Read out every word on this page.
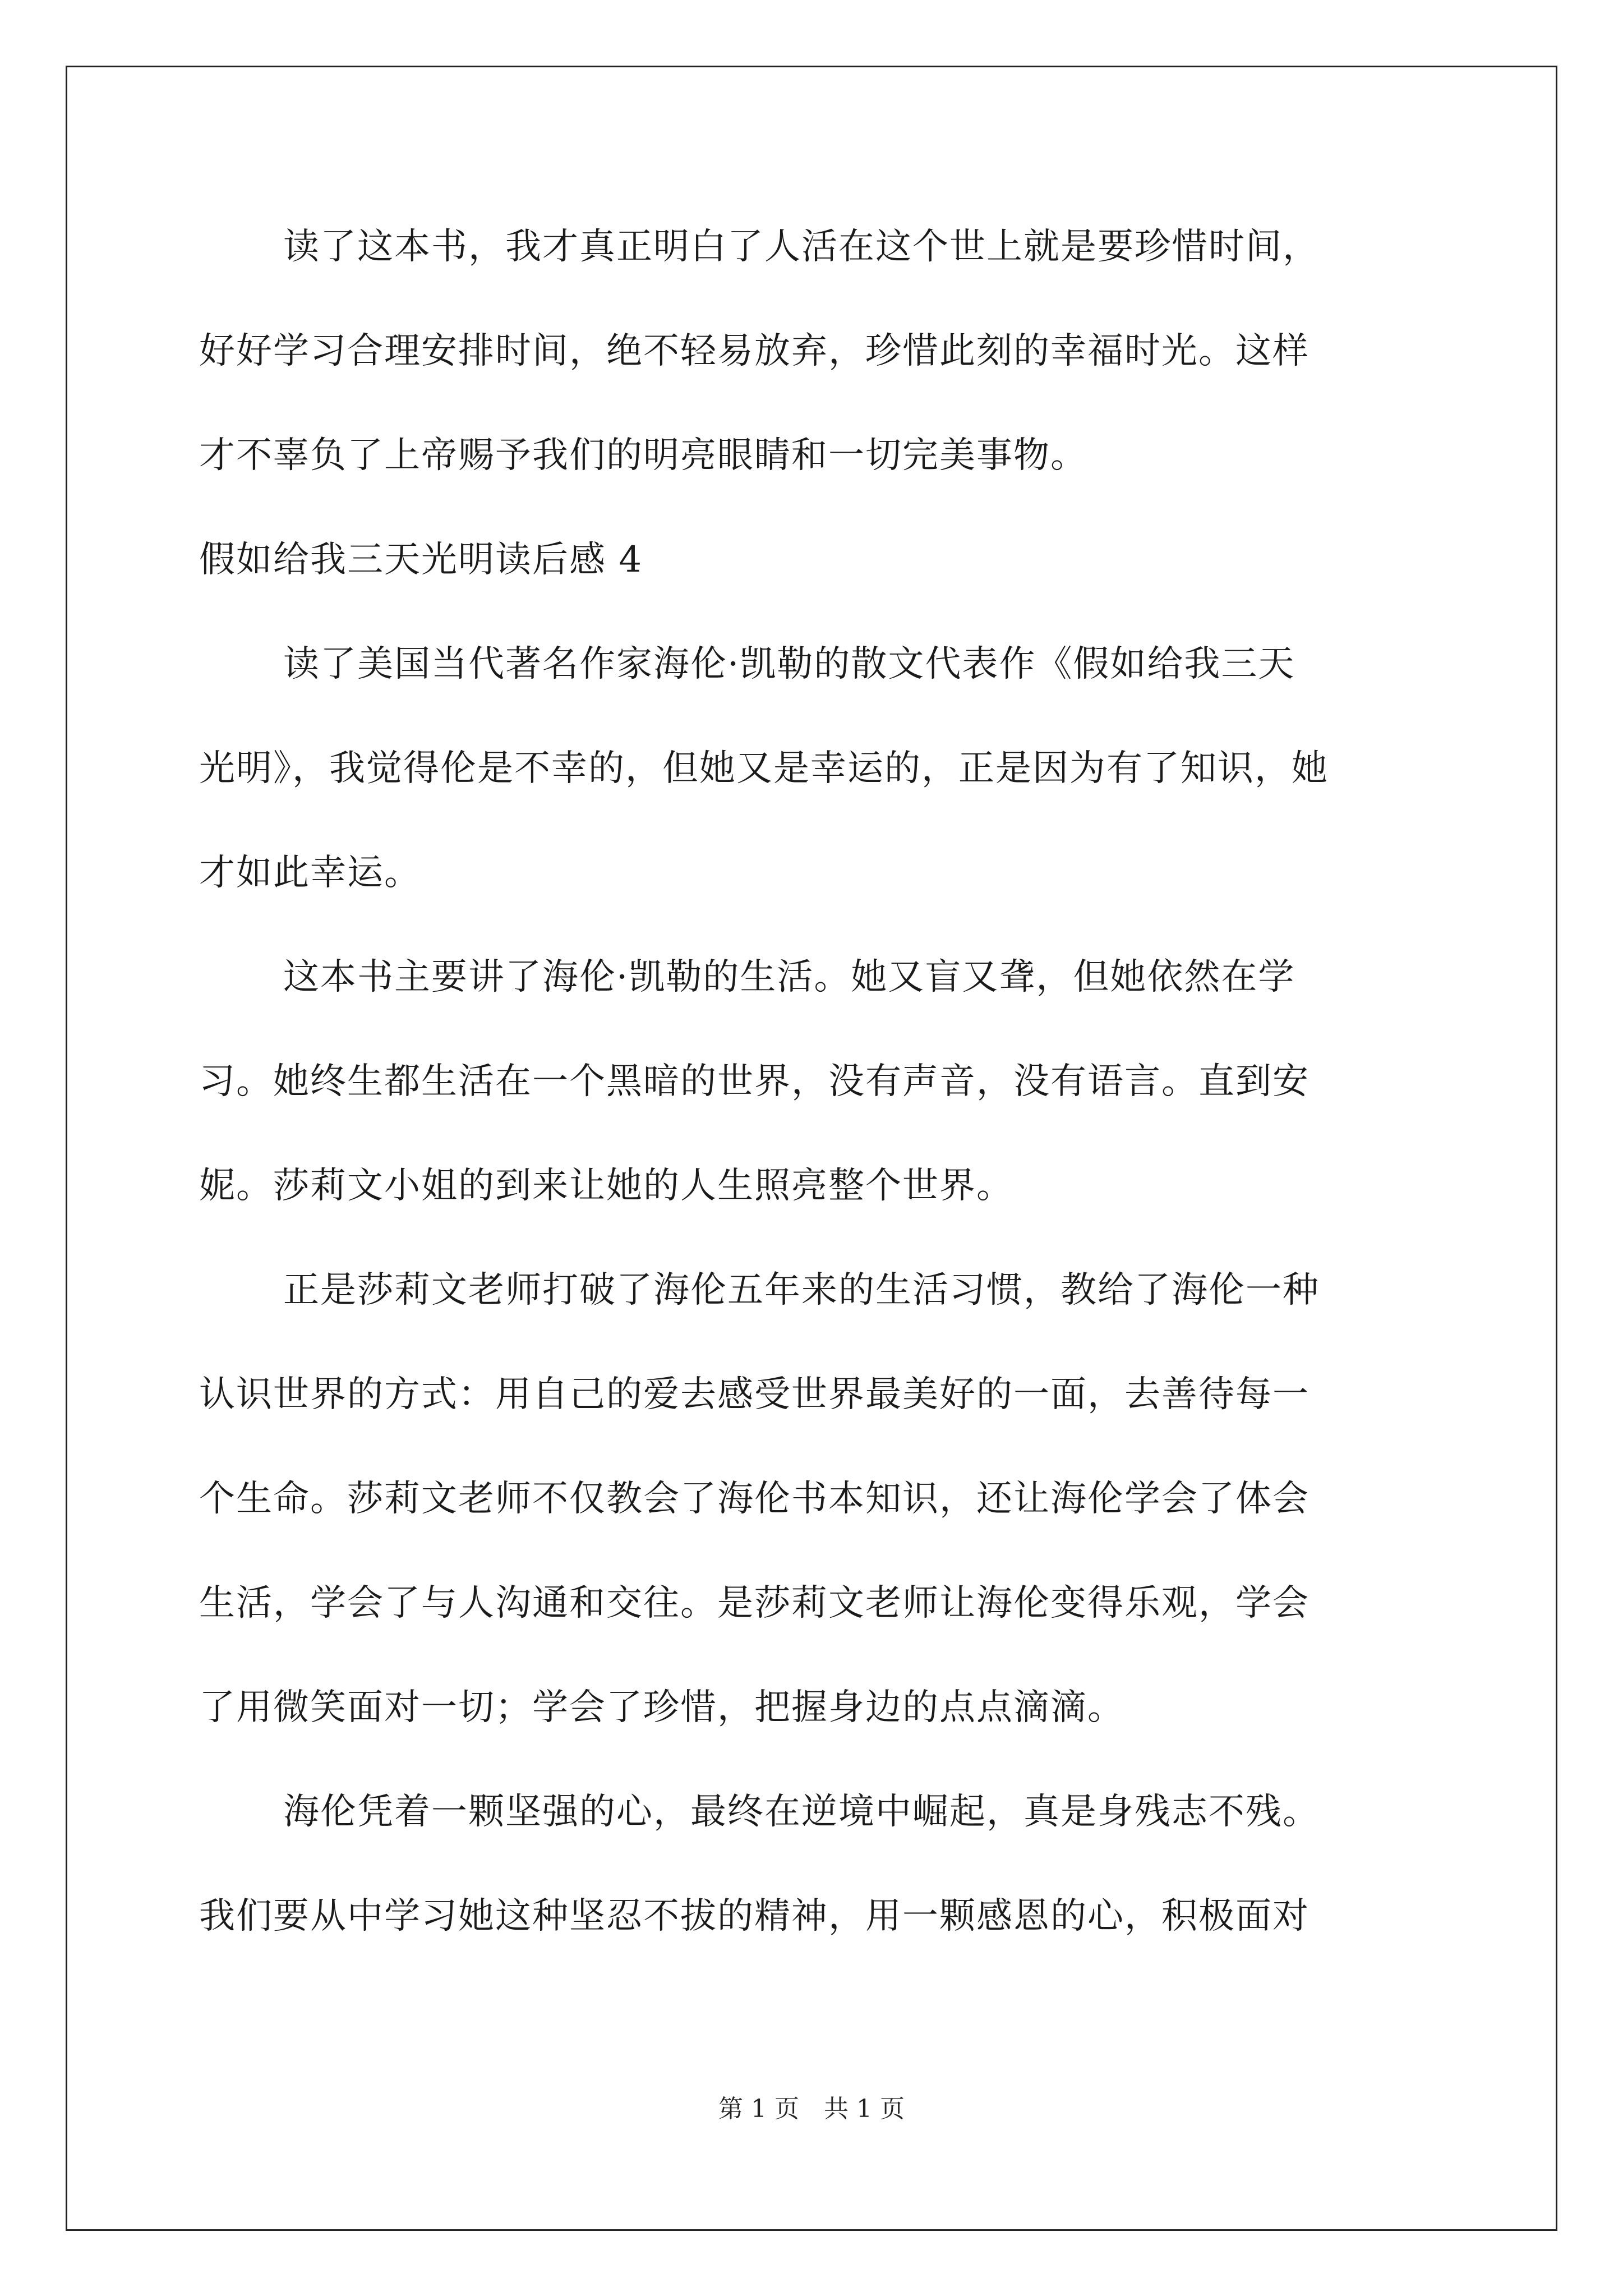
读了这本书，我才真正明白了人活在这个世上就是要珍惜时间，
好好学习合理安排时间，绝不轻易放弃，珍惜此刻的幸福时光。这样
才不辜负了上帝赐予我们的明亮眼睛和一切完美事物。
假如给我三天光明读后感 4
读了美国当代著名作家海伦·凯勒的散文代表作《假如给我三天
光明》，我觉得伦是不幸的，但她又是幸运的，正是因为有了知识，她
才如此幸运。
这本书主要讲了海伦·凯勒的生活。她又盲又聋，但她依然在学
习。她终生都生活在一个黑暗的世界，没有声音，没有语言。直到安
妮。莎莉文小姐的到来让她的人生照亮整个世界。
正是莎莉文老师打破了海伦五年来的生活习惯，教给了海伦一种
认识世界的方式：用自己的爱去感受世界最美好的一面，去善待每一
个生命。莎莉文老师不仅教会了海伦书本知识，还让海伦学会了体会
生活，学会了与人沟通和交往。是莎莉文老师让海伦变得乐观，学会
了用微笑面对一切；学会了珍惜，把握身边的点点滴滴。
海伦凭着一颗坚强的心，最终在逆境中崛起，真是身残志不残。
我们要从中学习她这种坚忍不拔的精神，用一颗感恩的心，积极面对
第 1 页　共 1 页
